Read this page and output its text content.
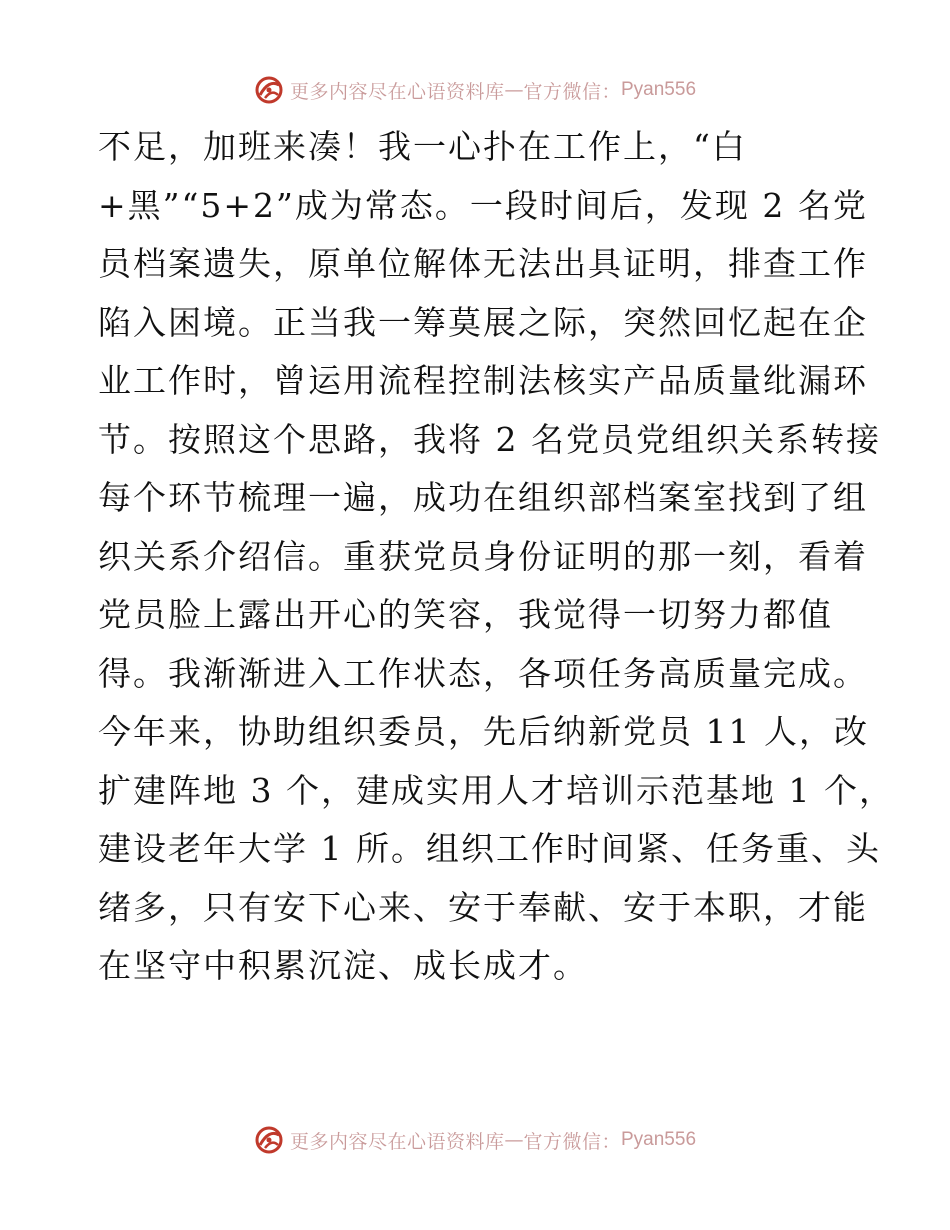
更多内容尽在心语资料库 — 官方微信： Pyan556
不足，加班来凑！我一心扑在工作上，“白
+黑”“5+2”成为常态。一段时间后，发现 2 名党
员档案遗失，原单位解体无法出具证明，排查工作
陷入困境。正当我一筹莫展之际，突然回忆起在企
业工作时，曾运用流程控制法核实产品质量纰漏环
节。按照这个思路，我将 2 名党员党组织关系转接
每个环节梳理一遍，成功在组织部档案室找到了组
织关系介绍信。重获党员身份证明的那一刻，看着
党员脸上露出开心的笑容，我觉得一切努力都值
得。我渐渐进入工作状态，各项任务高质量完成。
今年来，协助组织委员，先后纳新党员 11 人，改
扩建阵地 3 个，建成实用人才培训示范基地 1 个，
建设老年大学 1 所。组织工作时间紧、任务重、头
绪多，只有安下心来、安于奉献、安于本职，才能
在坚守中积累沉淀、成长成才。
更多内容尽在心语资料库 — 官方微信： Pyan556
